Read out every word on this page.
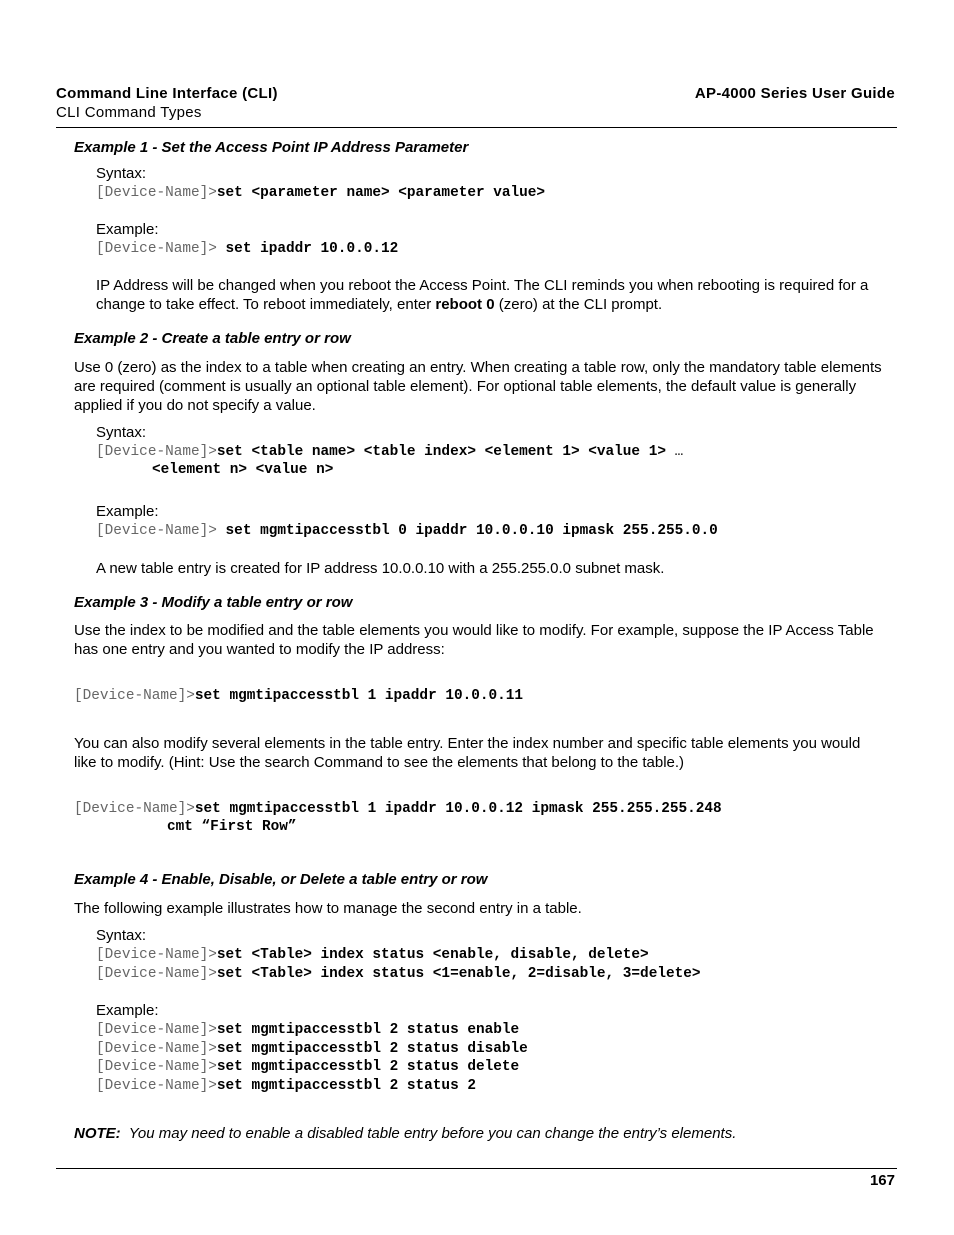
Command Line Interface (CLI)
CLI Command Types
AP-4000 Series User Guide
Example 1 - Set the Access Point IP Address Parameter
Syntax:
[Device-Name]>set <parameter name> <parameter value>
Example:
[Device-Name]> set ipaddr 10.0.0.12
IP Address will be changed when you reboot the Access Point. The CLI reminds you when rebooting is required for a
change to take effect. To reboot immediately, enter reboot 0 (zero) at the CLI prompt.
Example 2 - Create a table entry or row
Use 0 (zero) as the index to a table when creating an entry. When creating a table row, only the mandatory table elements
are required (comment is usually an optional table element). For optional table elements, the default value is generally
applied if you do not specify a value.
Syntax:
[Device-Name]>set <table name> <table index> <element 1> <value 1> …
<element n> <value n>
Example:
[Device-Name]> set mgmtipaccesstbl 0 ipaddr 10.0.0.10 ipmask 255.255.0.0
A new table entry is created for IP address 10.0.0.10 with a 255.255.0.0 subnet mask.
Example 3 - Modify a table entry or row
Use the index to be modified and the table elements you would like to modify. For example, suppose the IP Access Table
has one entry and you wanted to modify the IP address:
[Device-Name]>set mgmtipaccesstbl 1 ipaddr 10.0.0.11
You can also modify several elements in the table entry. Enter the index number and specific table elements you would
like to modify. (Hint: Use the search Command to see the elements that belong to the table.)
[Device-Name]>set mgmtipaccesstbl 1 ipaddr 10.0.0.12 ipmask 255.255.255.248
cmt “First Row”
Example 4 - Enable, Disable, or Delete a table entry or row
The following example illustrates how to manage the second entry in a table.
Syntax:
[Device-Name]>set <Table> index status <enable, disable, delete>
[Device-Name]>set <Table> index status <1=enable, 2=disable, 3=delete>
Example:
[Device-Name]>set mgmtipaccesstbl 2 status enable
[Device-Name]>set mgmtipaccesstbl 2 status disable
[Device-Name]>set mgmtipaccesstbl 2 status delete
[Device-Name]>set mgmtipaccesstbl 2 status 2
NOTE:  You may need to enable a disabled table entry before you can change the entry’s elements.
167
